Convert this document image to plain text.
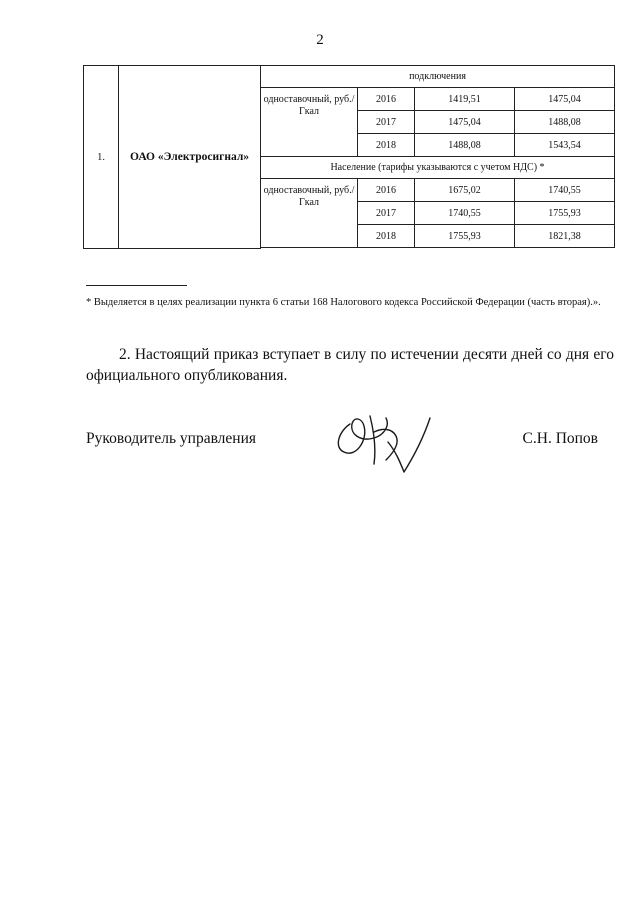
2
1.	ОАО «Электросигнал»	подключения			
		одноставочный, руб./Гкал	2016	1419,51	1475,04
			2017	1475,04	1488,08
			2018	1488,08	1543,54
		Население (тарифы указываются с учетом НДС) *			
		одноставочный, руб./Гкал	2016	1675,02	1740,55
			2017	1740,55	1755,93
			2018	1755,93	1821,38

* Выделяется в целях реализации пункта 6 статьи 168 Налогового кодекса Российской Федерации (часть вторая).».
2. Настоящий приказ вступает в силу по истечении десяти дней со дня его официального опубликования.
Руководитель управления	С.Н. Попов
